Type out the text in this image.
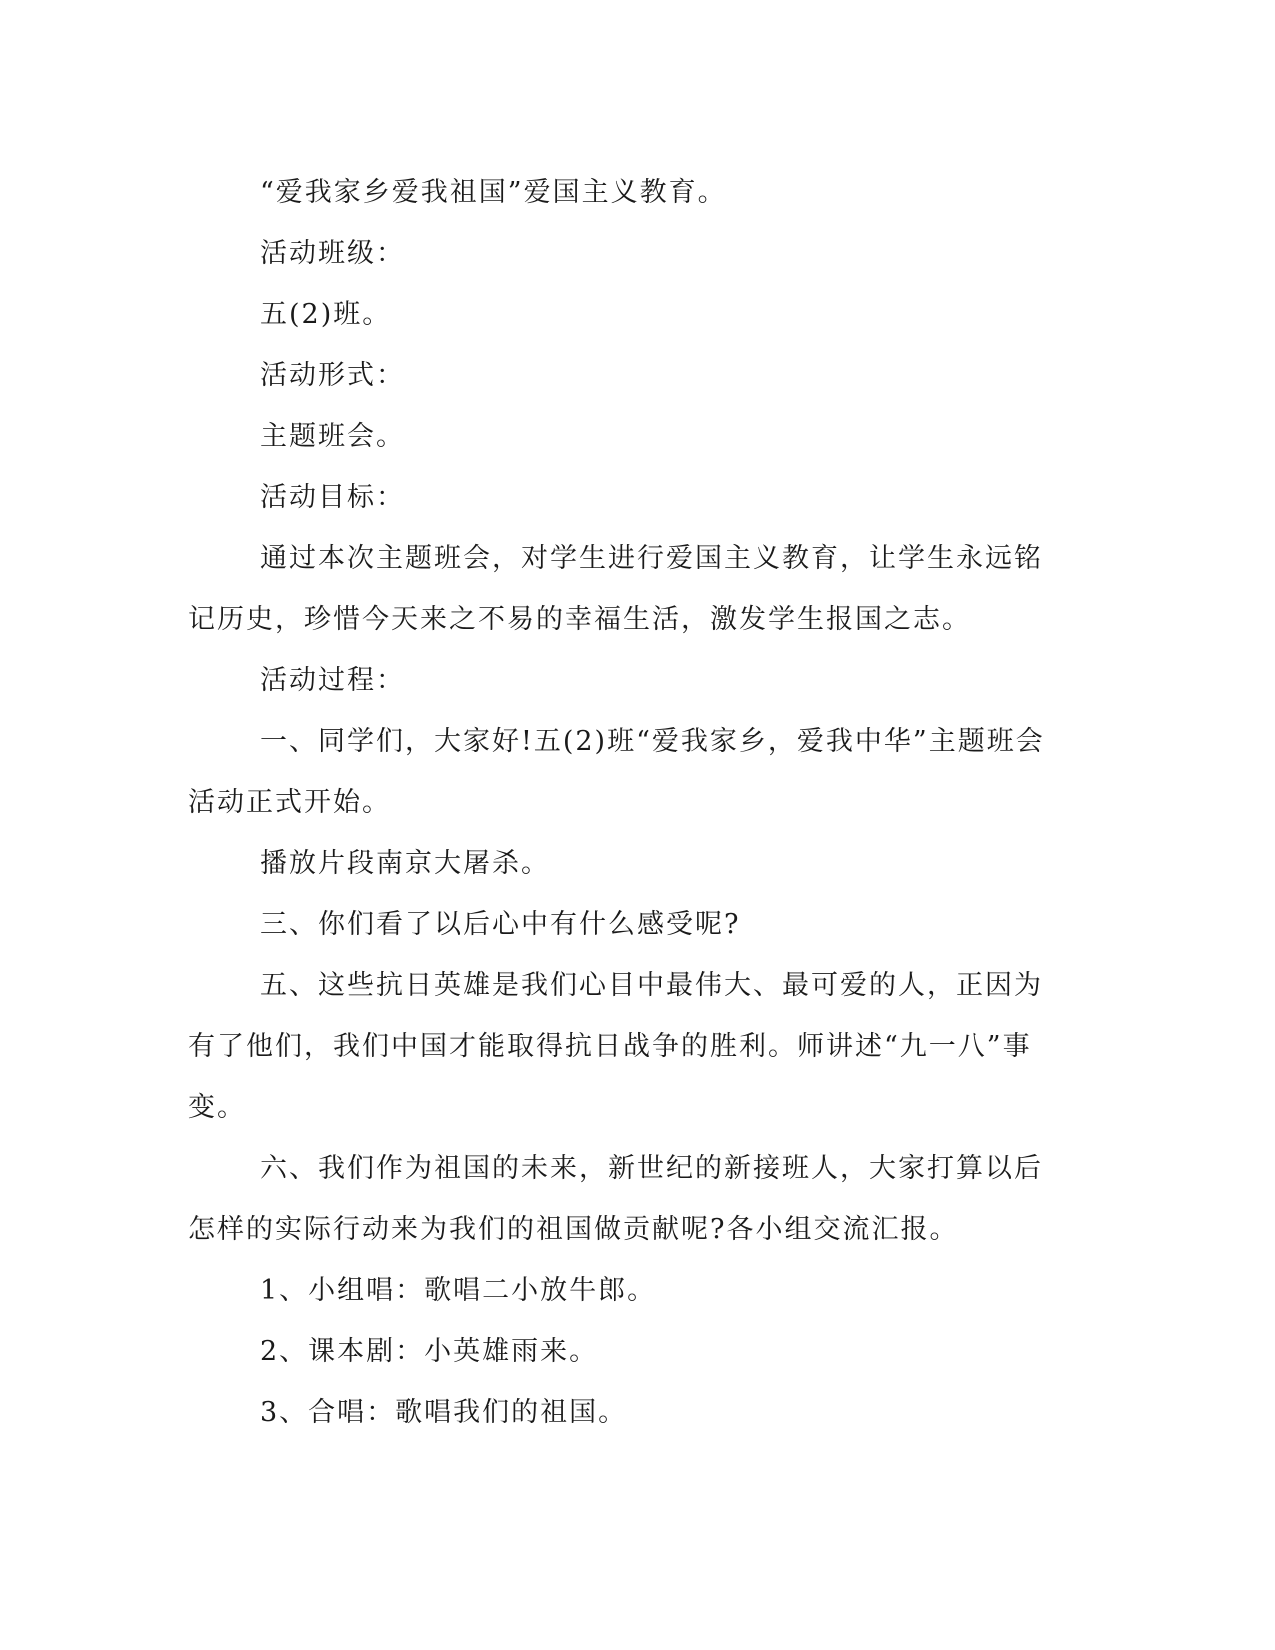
“爱我家乡爱我祖国”爱国主义教育。

活动班级：

五(2)班。

活动形式：

主题班会。

活动目标：

通过本次主题班会，对学生进行爱国主义教育，让学生永远铭记历史，珍惜今天来之不易的幸福生活，激发学生报国之志。

活动过程：

一、同学们，大家好!五(2)班“爱我家乡，爱我中华”主题班会活动正式开始。

播放片段南京大屠杀。

三、你们看了以后心中有什么感受呢?

五、这些抗日英雄是我们心目中最伟大、最可爱的人，正因为有了他们，我们中国才能取得抗日战争的胜利。师讲述“九一八”事变。

六、我们作为祖国的未来，新世纪的新接班人，大家打算以后怎样的实际行动来为我们的祖国做贡献呢?各小组交流汇报。

1、小组唱：歌唱二小放牛郎。

2、课本剧：小英雄雨来。

3、合唱：歌唱我们的祖国。
